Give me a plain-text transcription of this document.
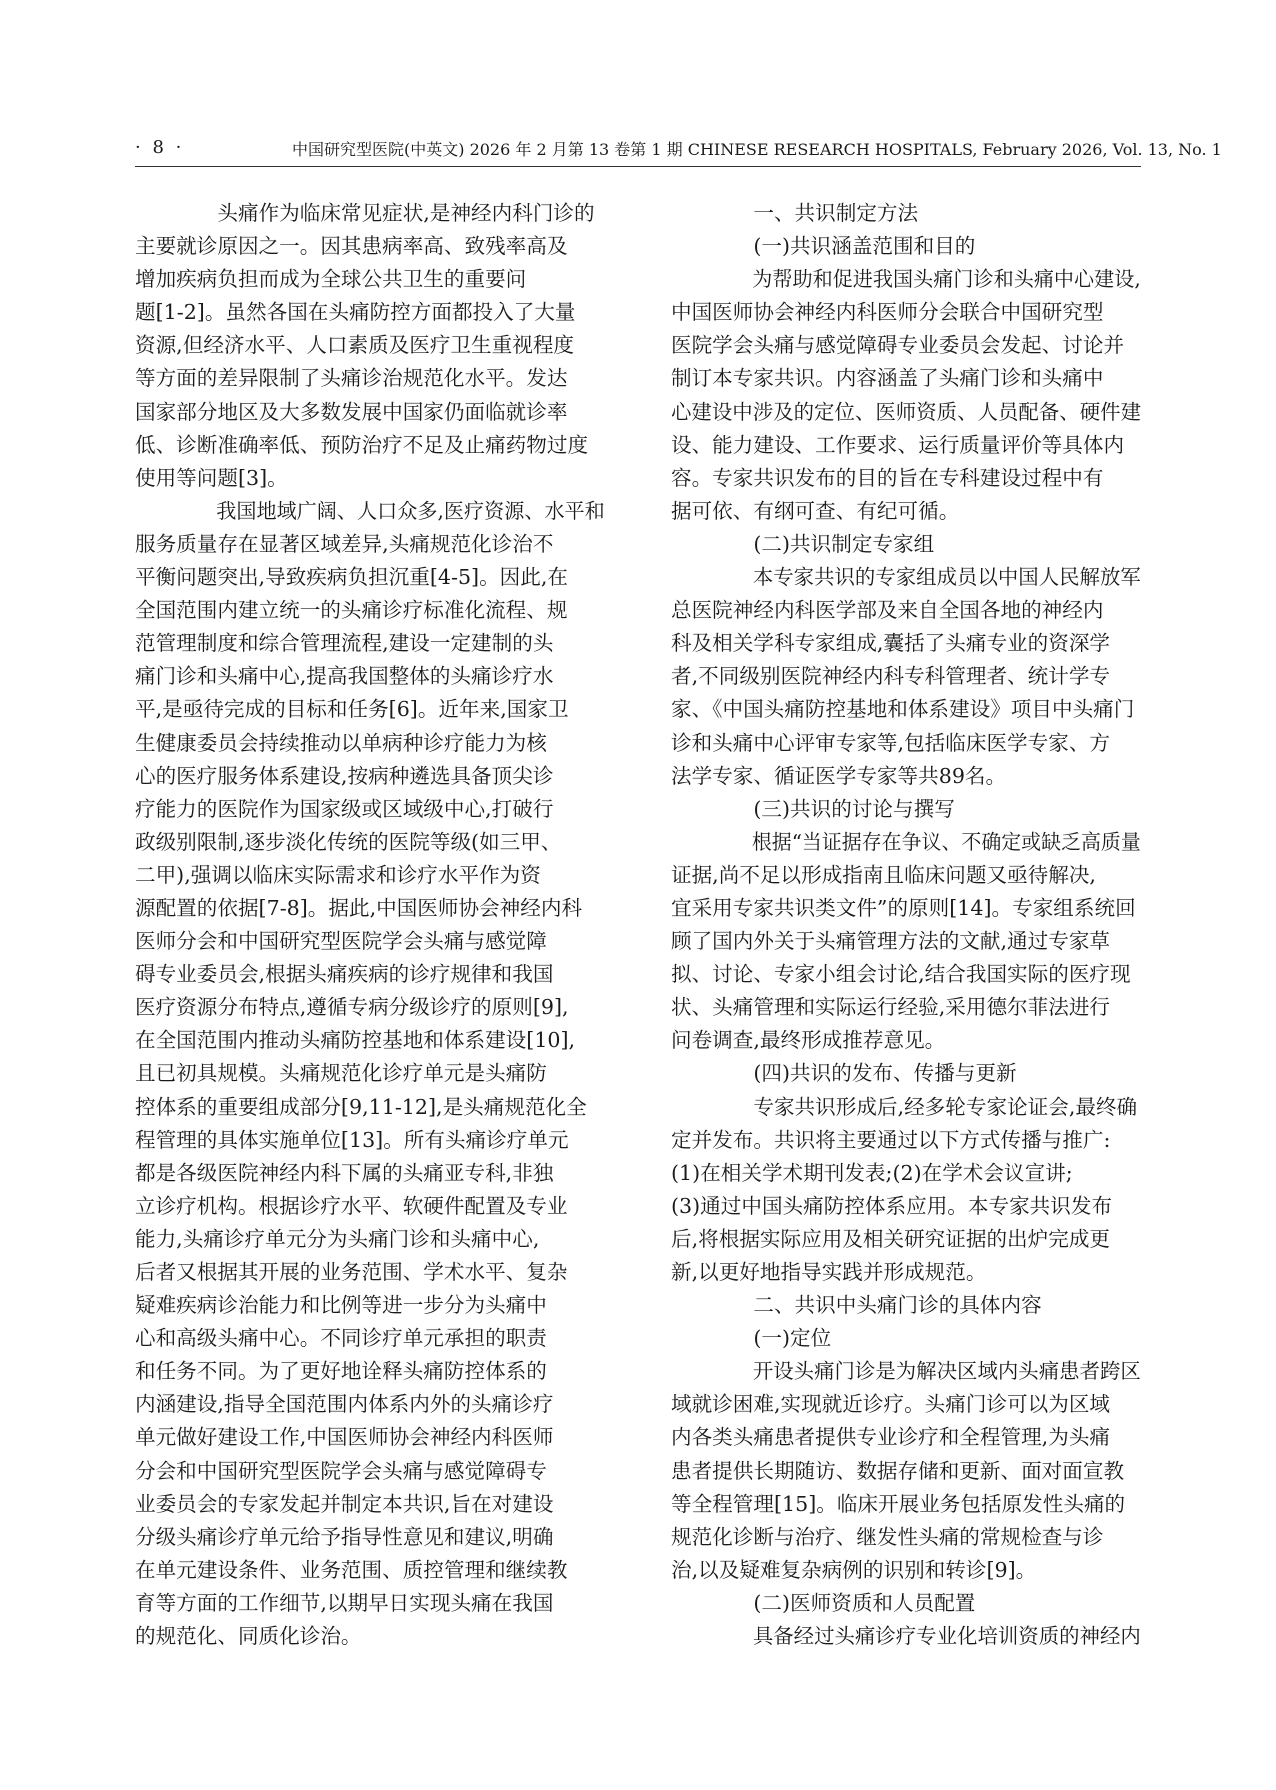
· 8 ·	中国研究型医院(中英文) 2026 年 2 月第 13 卷第 1 期 CHINESE RESEARCH HOSPITALS, February 2026, Vol. 13, No. 1
头痛作为临床常见症状,是神经内科门诊的
主要就诊原因之一。因其患病率高、致残率高及
增加疾病负担而成为全球公共卫生的重要问
题[1-2]。虽然各国在头痛防控方面都投入了大量
资源,但经济水平、人口素质及医疗卫生重视程度
等方面的差异限制了头痛诊治规范化水平。发达
国家部分地区及大多数发展中国家仍面临就诊率
低、诊断准确率低、预防治疗不足及止痛药物过度
使用等问题[3]。
我国地域广阔、人口众多,医疗资源、水平和
服务质量存在显著区域差异,头痛规范化诊治不
平衡问题突出,导致疾病负担沉重[4-5]。因此,在
全国范围内建立统一的头痛诊疗标准化流程、规
范管理制度和综合管理流程,建设一定建制的头
痛门诊和头痛中心,提高我国整体的头痛诊疗水
平,是亟待完成的目标和任务[6]。近年来,国家卫
生健康委员会持续推动以单病种诊疗能力为核
心的医疗服务体系建设,按病种遴选具备顶尖诊
疗能力的医院作为国家级或区域级中心,打破行
政级别限制,逐步淡化传统的医院等级(如三甲、
二甲),强调以临床实际需求和诊疗水平作为资
源配置的依据[7-8]。据此,中国医师协会神经内科
医师分会和中国研究型医院学会头痛与感觉障
碍专业委员会,根据头痛疾病的诊疗规律和我国
医疗资源分布特点,遵循专病分级诊疗的原则[9],
在全国范围内推动头痛防控基地和体系建设[10],
且已初具规模。头痛规范化诊疗单元是头痛防
控体系的重要组成部分[9,11-12],是头痛规范化全
程管理的具体实施单位[13]。所有头痛诊疗单元
都是各级医院神经内科下属的头痛亚专科,非独
立诊疗机构。根据诊疗水平、软硬件配置及专业
能力,头痛诊疗单元分为头痛门诊和头痛中心,
后者又根据其开展的业务范围、学术水平、复杂
疑难疾病诊治能力和比例等进一步分为头痛中
心和高级头痛中心。不同诊疗单元承担的职责
和任务不同。为了更好地诠释头痛防控体系的
内涵建设,指导全国范围内体系内外的头痛诊疗
单元做好建设工作,中国医师协会神经内科医师
分会和中国研究型医院学会头痛与感觉障碍专
业委员会的专家发起并制定本共识,旨在对建设
分级头痛诊疗单元给予指导性意见和建议,明确
在单元建设条件、业务范围、质控管理和继续教
育等方面的工作细节,以期早日实现头痛在我国
的规范化、同质化诊治。
一、共识制定方法
(一)共识涵盖范围和目的
为帮助和促进我国头痛门诊和头痛中心建设,
中国医师协会神经内科医师分会联合中国研究型
医院学会头痛与感觉障碍专业委员会发起、讨论并
制订本专家共识。内容涵盖了头痛门诊和头痛中
心建设中涉及的定位、医师资质、人员配备、硬件建
设、能力建设、工作要求、运行质量评价等具体内
容。专家共识发布的目的旨在专科建设过程中有
据可依、有纲可查、有纪可循。
(二)共识制定专家组
本专家共识的专家组成员以中国人民解放军
总医院神经内科医学部及来自全国各地的神经内
科及相关学科专家组成,囊括了头痛专业的资深学
者,不同级别医院神经内科专科管理者、统计学专
家、《中国头痛防控基地和体系建设》项目中头痛门
诊和头痛中心评审专家等,包括临床医学专家、方
法学专家、循证医学专家等共89名。
(三)共识的讨论与撰写
根据“当证据存在争议、不确定或缺乏高质量
证据,尚不足以形成指南且临床问题又亟待解决,
宜采用专家共识类文件”的原则[14]。专家组系统回
顾了国内外关于头痛管理方法的文献,通过专家草
拟、讨论、专家小组会讨论,结合我国实际的医疗现
状、头痛管理和实际运行经验,采用德尔菲法进行
问卷调查,最终形成推荐意见。
(四)共识的发布、传播与更新
专家共识形成后,经多轮专家论证会,最终确
定并发布。共识将主要通过以下方式传播与推广:
(1)在相关学术期刊发表;(2)在学术会议宣讲;
(3)通过中国头痛防控体系应用。本专家共识发布
后,将根据实际应用及相关研究证据的出炉完成更
新,以更好地指导实践并形成规范。
二、共识中头痛门诊的具体内容
(一)定位
开设头痛门诊是为解决区域内头痛患者跨区
域就诊困难,实现就近诊疗。头痛门诊可以为区域
内各类头痛患者提供专业诊疗和全程管理,为头痛
患者提供长期随访、数据存储和更新、面对面宣教
等全程管理[15]。临床开展业务包括原发性头痛的
规范化诊断与治疗、继发性头痛的常规检查与诊
治,以及疑难复杂病例的识别和转诊[9]。
(二)医师资质和人员配置
具备经过头痛诊疗专业化培训资质的神经内
